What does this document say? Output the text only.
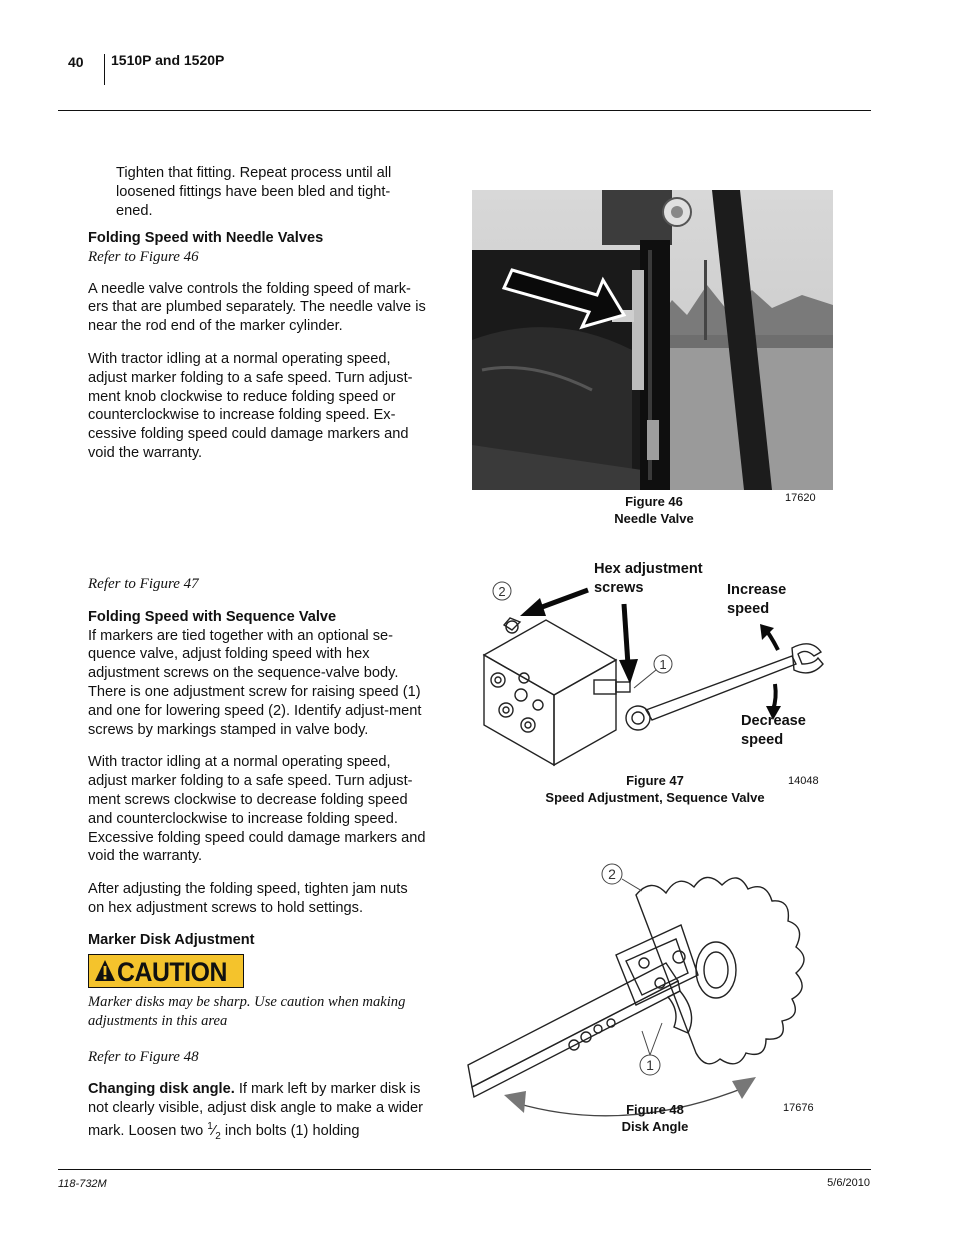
40 1510P and 1520P
Tighten that fitting. Repeat process until all loosened fittings have been bled and tight-ened.

Folding Speed with Needle Valves

Refer to Figure 46

A needle valve controls the folding speed of mark-ers that are plumbed separately. The needle valve is near the rod end of the marker cylinder.

With tractor idling at a normal operating speed, adjust marker folding to a safe speed. Turn adjust-ment knob clockwise to reduce folding speed or counterclockwise to increase folding speed. Ex-cessive folding speed could damage markers and void the warranty.

Refer to Figure 47

Folding Speed with Sequence Valve

If markers are tied together with an optional se-quence valve, adjust folding speed with hex adjustment screws on the sequence-valve body. There is one adjustment screw for raising speed (1) and one for lowering speed (2). Identify adjust-ment screws by markings stamped in valve body.

With tractor idling at a normal operating speed, adjust marker folding to a safe speed. Turn adjust-ment screws clockwise to decrease folding speed and counterclockwise to increase folding speed. Excessive folding speed could damage markers and void the warranty.

After adjusting the folding speed, tighten jam nuts on hex adjustment screws to hold settings.

Marker Disk Adjustment

CAUTION
Marker disks may be sharp. Use caution when making adjustments in this area
Refer to Figure 48
Changing disk angle. If mark left by marker disk is not clearly visible, adjust disk angle to make a wider mark. Loosen two $^1⁄_2$ inch bolts (1) holding
Figure 46
Needle Valve
17620
2
1
Hex adjustment screws	Increase speed
Decrease speed
Figure 47
Speed Adjustment, Sequence Valve
14048
2
1
Figure 48
Disk Angle
17676
118-732M	5/6/2010
